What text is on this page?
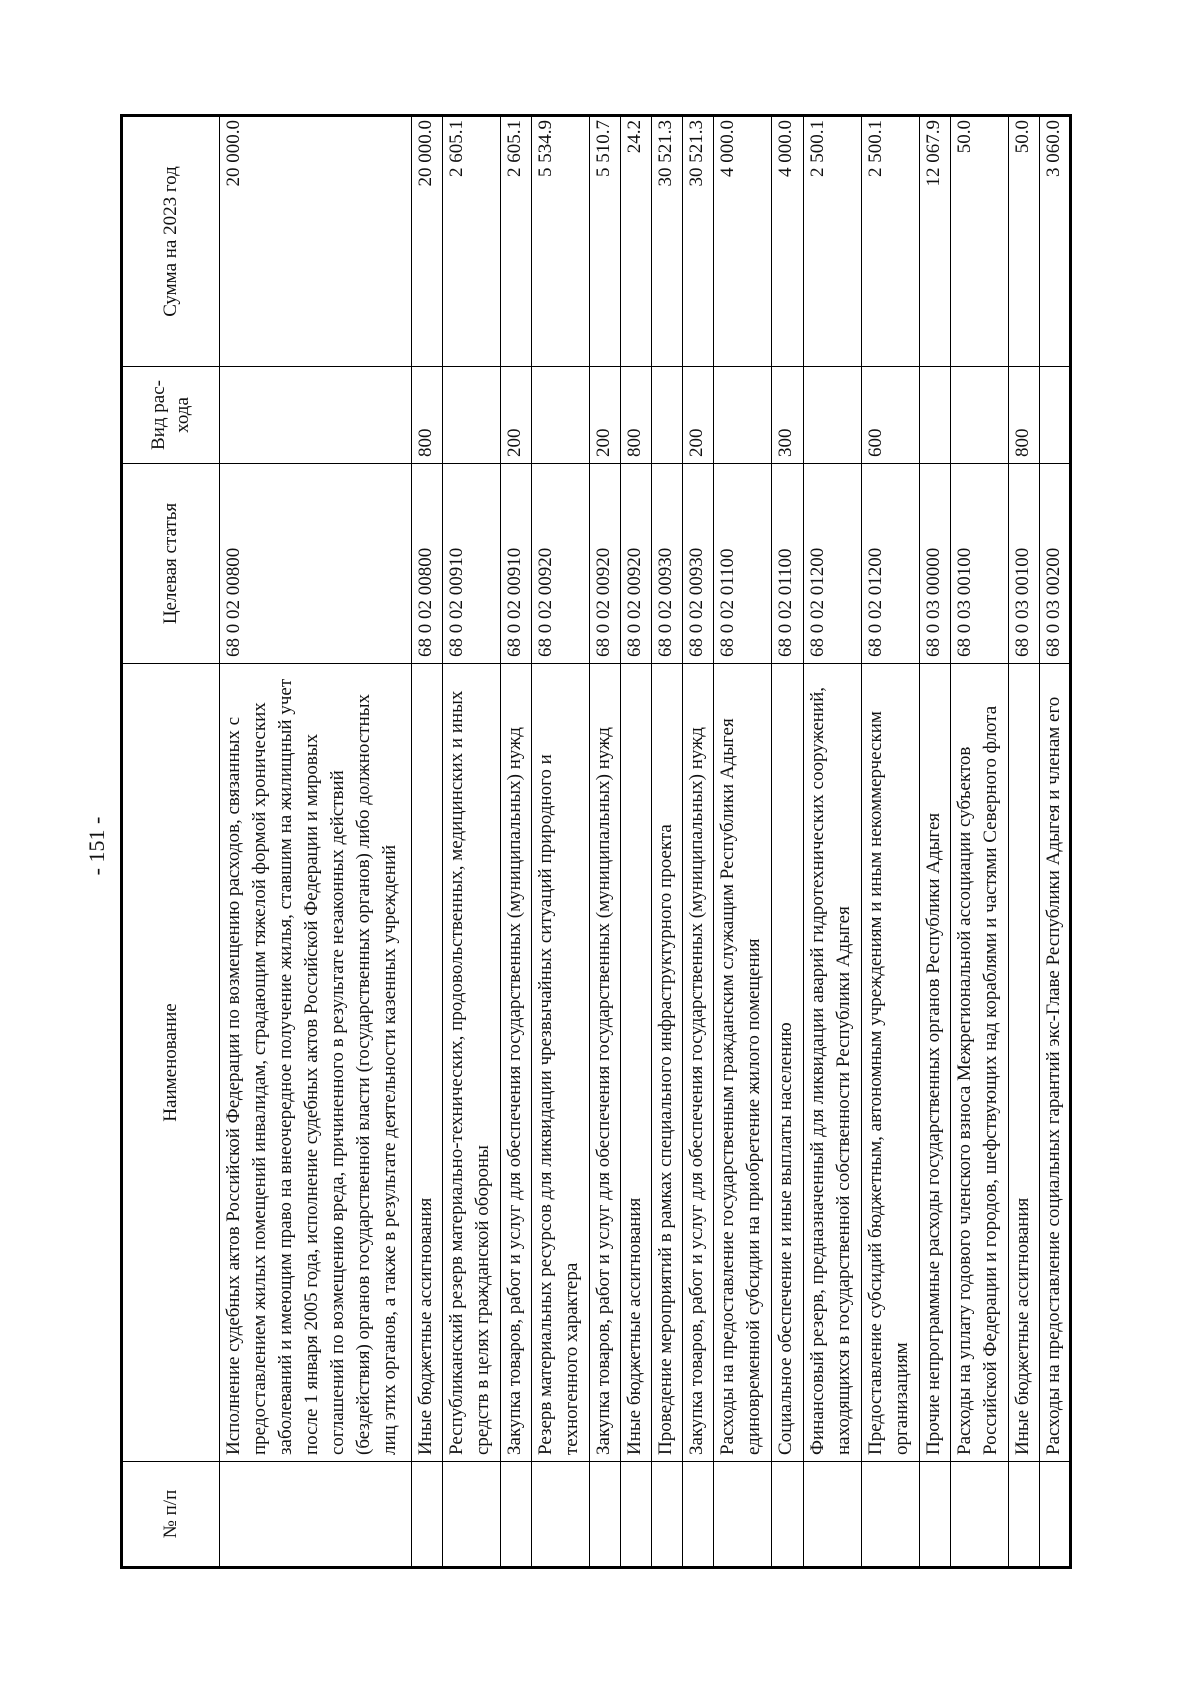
- 151 -
№ п/п	Наименование	Целевая статья	Вид рас-хода	Сумма на 2023 год
	Исполнение судебных актов Российской Федерации по возмещению расходов, связанных с предоставлением жилых помещений инвалидам, страдающим тяжелой формой хронических заболеваний и имеющим право на внеочередное получение жилья, ставшим на жилищный учет после 1 января 2005 года, исполнение судебных актов Российской Федерации и мировых соглашений по возмещению вреда, причиненного в результате незаконных действий (бездействия) органов государственной власти (государственных органов) либо должностных лиц этих органов, а также в результате деятельности казенных учреждений	68 0 02 00800		20 000.0
	Иные бюджетные ассигнования	68 0 02 00800	800	20 000.0
	Республиканский резерв материально-технических, продовольственных, медицинских и иных средств в целях гражданской обороны	68 0 02 00910		2 605.1
	Закупка товаров, работ и услуг для обеспечения государственных (муниципальных) нужд	68 0 02 00910	200	2 605.1
	Резерв материальных ресурсов для ликвидации чрезвычайных ситуаций природного и техногенного характера	68 0 02 00920		5 534.9
	Закупка товаров, работ и услуг для обеспечения государственных (муниципальных) нужд	68 0 02 00920	200	5 510.7
	Иные бюджетные ассигнования	68 0 02 00920	800	24.2
	Проведение мероприятий в рамках специального инфраструктурного проекта	68 0 02 00930		30 521.3
	Закупка товаров, работ и услуг для обеспечения государственных (муниципальных) нужд	68 0 02 00930	200	30 521.3
	Расходы на предоставление государственным гражданским служащим Республики Адыгея единовременной субсидии на приобретение жилого помещения	68 0 02 01100		4 000.0
	Социальное обеспечение и иные выплаты населению	68 0 02 01100	300	4 000.0
	Финансовый резерв, предназначенный для ликвидации аварий гидротехнических сооружений, находящихся в государственной собственности Республики Адыгея	68 0 02 01200		2 500.1
	Предоставление субсидий бюджетным, автономным учреждениям и иным некоммерческим организациям	68 0 02 01200	600	2 500.1
	Прочие непрограммные расходы государственных органов Республики Адыгея	68 0 03 00000		12 067.9
	Расходы на уплату годового членского взноса Межрегиональной ассоциации субъектов Российской Федерации и городов, шефствующих над кораблями и частями Северного флота	68 0 03 00100		50.0
	Иные бюджетные ассигнования	68 0 03 00100	800	50.0
	Расходы на предоставление социальных гарантий экс-Главе Республики Адыгея и членам его	68 0 03 00200		3 060.0
